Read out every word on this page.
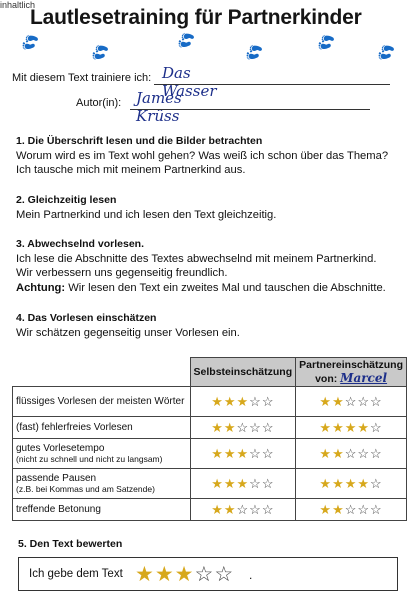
inhaltlich
Lautlesetraining für Partnerkinder
👣
👣
👣
👣
👣
👣
Mit diesem Text trainiere ich: Das Wasser
Autor(in): James Krüss
1. Die Überschrift lesen und die Bilder betrachten
Worum wird es im Text wohl gehen? Was weiß ich schon über das Thema?
Ich tausche mich mit meinem Partnerkind aus.
2. Gleichzeitig lesen
Mein Partnerkind und ich lesen den Text gleichzeitig.
3. Abwechselnd vorlesen.
Ich lese die Abschnitte des Textes abwechselnd mit meinem Partnerkind.
Wir verbessern uns gegenseitig freundlich.
Achtung: Wir lesen den Text ein zweites Mal und tauschen die Abschnitte.
4. Das Vorlesen einschätzen
Wir schätzen gegenseitig unser Vorlesen ein.
	Selbsteinschätzung	Partnereinschätzung
von: Marcel

flüssiges Vorlesen der meisten Wörter	★★★☆☆	★★☆☆☆
(fast) fehlerfreies Vorlesen	★★☆☆☆	★★★★☆
gutes Vorlesetempo
(nicht zu schnell und nicht zu langsam)	★★★☆☆	★★☆☆☆
passende Pausen
(z.B. bei Kommas und am Satzende)	★★★☆☆	★★★★☆
treffende Betonung	★★☆☆☆	★★☆☆☆
5. Den Text bewerten
Ich gebe dem Text ★★★☆☆ .
